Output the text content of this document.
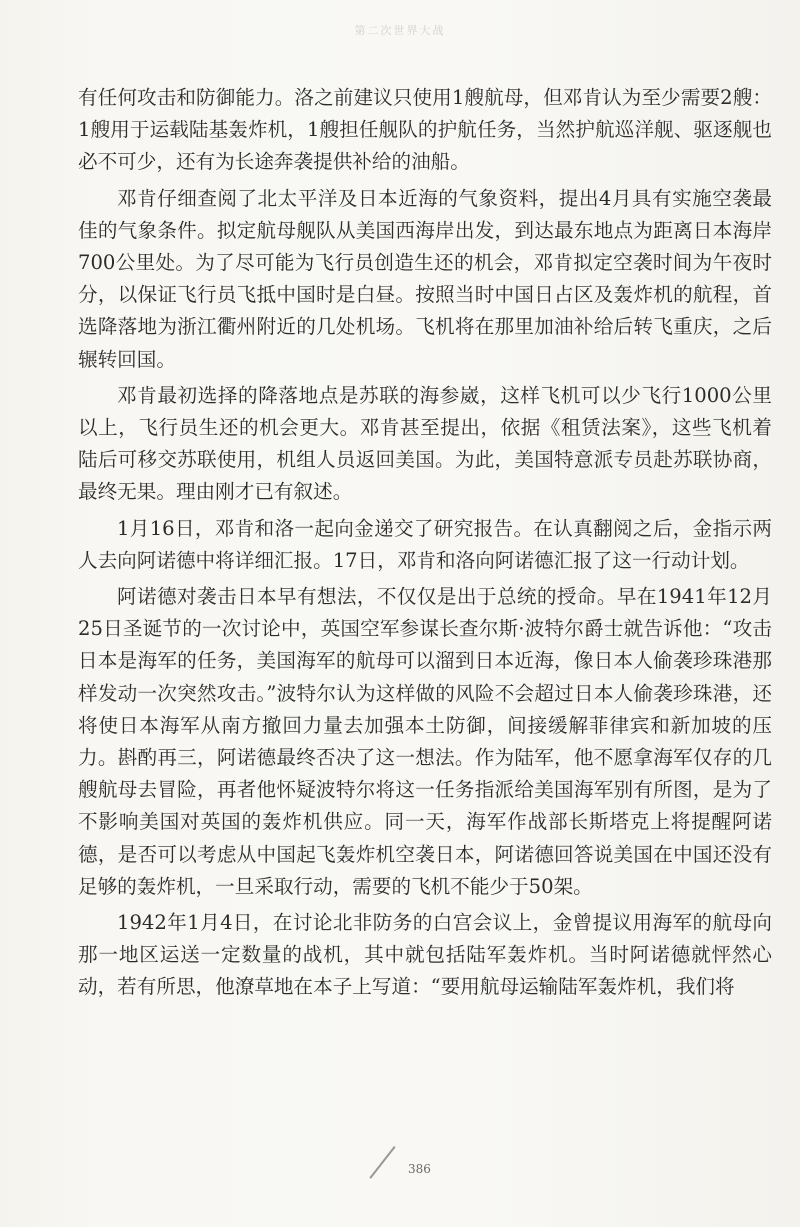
第二次世界大战

有任何攻击和防御能力。洛之前建议只使用1艘航母，但邓肯认为至少需要2艘：1艘用于运载陆基轰炸机，1艘担任舰队的护航任务，当然护航巡洋舰、驱逐舰也必不可少，还有为长途奔袭提供补给的油船。

邓肯仔细查阅了北太平洋及日本近海的气象资料，提出4月具有实施空袭最佳的气象条件。拟定航母舰队从美国西海岸出发，到达最东地点为距离日本海岸700公里处。为了尽可能为飞行员创造生还的机会，邓肯拟定空袭时间为午夜时分，以保证飞行员飞抵中国时是白昼。按照当时中国日占区及轰炸机的航程，首选降落地为浙江衢州附近的几处机场。飞机将在那里加油补给后转飞重庆，之后辗转回国。

邓肯最初选择的降落地点是苏联的海参崴，这样飞机可以少飞行1000公里以上，飞行员生还的机会更大。邓肯甚至提出，依据《租赁法案》，这些飞机着陆后可移交苏联使用，机组人员返回美国。为此，美国特意派专员赴苏联协商，最终无果。理由刚才已有叙述。

1月16日，邓肯和洛一起向金递交了研究报告。在认真翻阅之后，金指示两人去向阿诺德中将详细汇报。17日，邓肯和洛向阿诺德汇报了这一行动计划。

阿诺德对袭击日本早有想法，不仅仅是出于总统的授命。早在1941年12月25日圣诞节的一次讨论中，英国空军参谋长查尔斯·波特尔爵士就告诉他：“攻击日本是海军的任务，美国海军的航母可以溜到日本近海，像日本人偷袭珍珠港那样发动一次突然攻击。”波特尔认为这样做的风险不会超过日本人偷袭珍珠港，还将使日本海军从南方撤回力量去加强本土防御，间接缓解菲律宾和新加坡的压力。斟酌再三，阿诺德最终否决了这一想法。作为陆军，他不愿拿海军仅存的几艘航母去冒险，再者他怀疑波特尔将这一任务指派给美国海军别有所图，是为了不影响美国对英国的轰炸机供应。同一天，海军作战部长斯塔克上将提醒阿诺德，是否可以考虑从中国起飞轰炸机空袭日本，阿诺德回答说美国在中国还没有足够的轰炸机，一旦采取行动，需要的飞机不能少于50架。

1942年1月4日，在讨论北非防务的白宫会议上，金曾提议用海军的航母向那一地区运送一定数量的战机，其中就包括陆军轰炸机。当时阿诺德就怦然心动，若有所思，他潦草地在本子上写道：“要用航母运输陆军轰炸机，我们将

386
